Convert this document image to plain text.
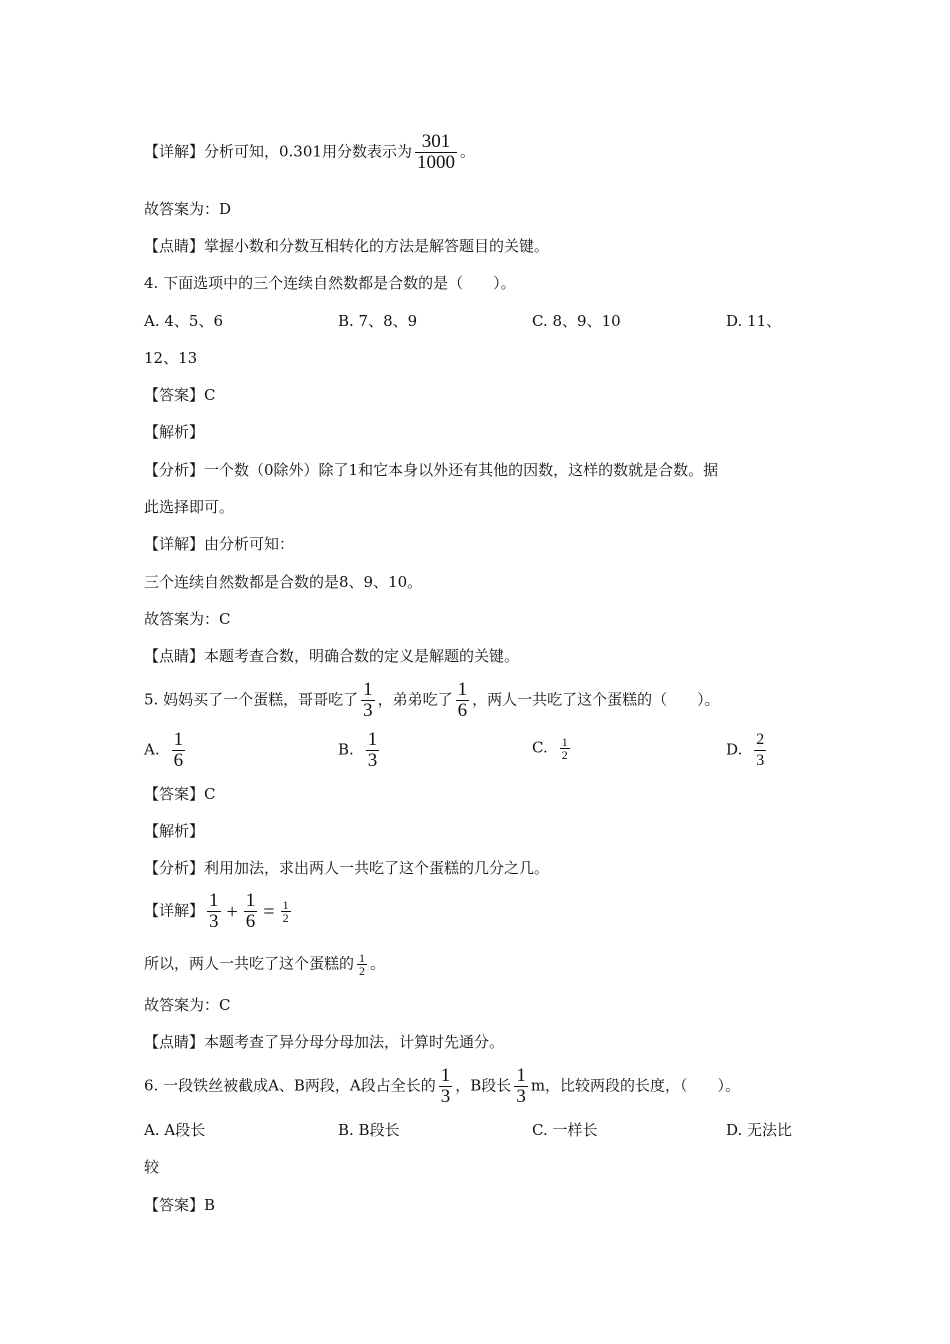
【详解】分析可知，0.301用分数表示为 $\frac{301}{1000}$ 。
故答案为：D
【点睛】掌握小数和分数互相转化的方法是解答题目的关键。
4. 下面选项中的三个连续自然数都是合数的是（　　）。
A. 4、5、6	B. 7、8、9	C. 8、9、10	D. 11、
12、13
【答案】C
【解析】
【分析】一个数（0除外）除了1和它本身以外还有其他的因数，这样的数就是合数。据
此选择即可。
【详解】由分析可知：
三个连续自然数都是合数的是8、9、10。
故答案为：C
【点睛】本题考查合数，明确合数的定义是解题的关键。
5. 妈妈买了一个蛋糕，哥哥吃了 $\frac{1}{3}$ ，弟弟吃了 $\frac{1}{6}$ ，两人一共吃了这个蛋糕的（　　）。
A. $\frac{1}{6}$	B. $\frac{1}{3}$	C. $\frac{1}{2}$	D. $\frac{2}{3}$
【答案】C
【解析】
【分析】利用加法，求出两人一共吃了这个蛋糕的几分之几。
【详解】 $\frac{1}{3} + \frac{1}{6} = \frac{1}{2}$
所以，两人一共吃了这个蛋糕的 $\frac{1}{2}$ 。
故答案为：C
【点睛】本题考查了异分母分母加法，计算时先通分。
6. 一段铁丝被截成A、B两段，A段占全长的 $\frac{1}{3}$ ，B段长 $\frac{1}{3}$ m，比较两段的长度，（　　）。
A. A段长	B. B段长	C. 一样长	D. 无法比
较
【答案】B
